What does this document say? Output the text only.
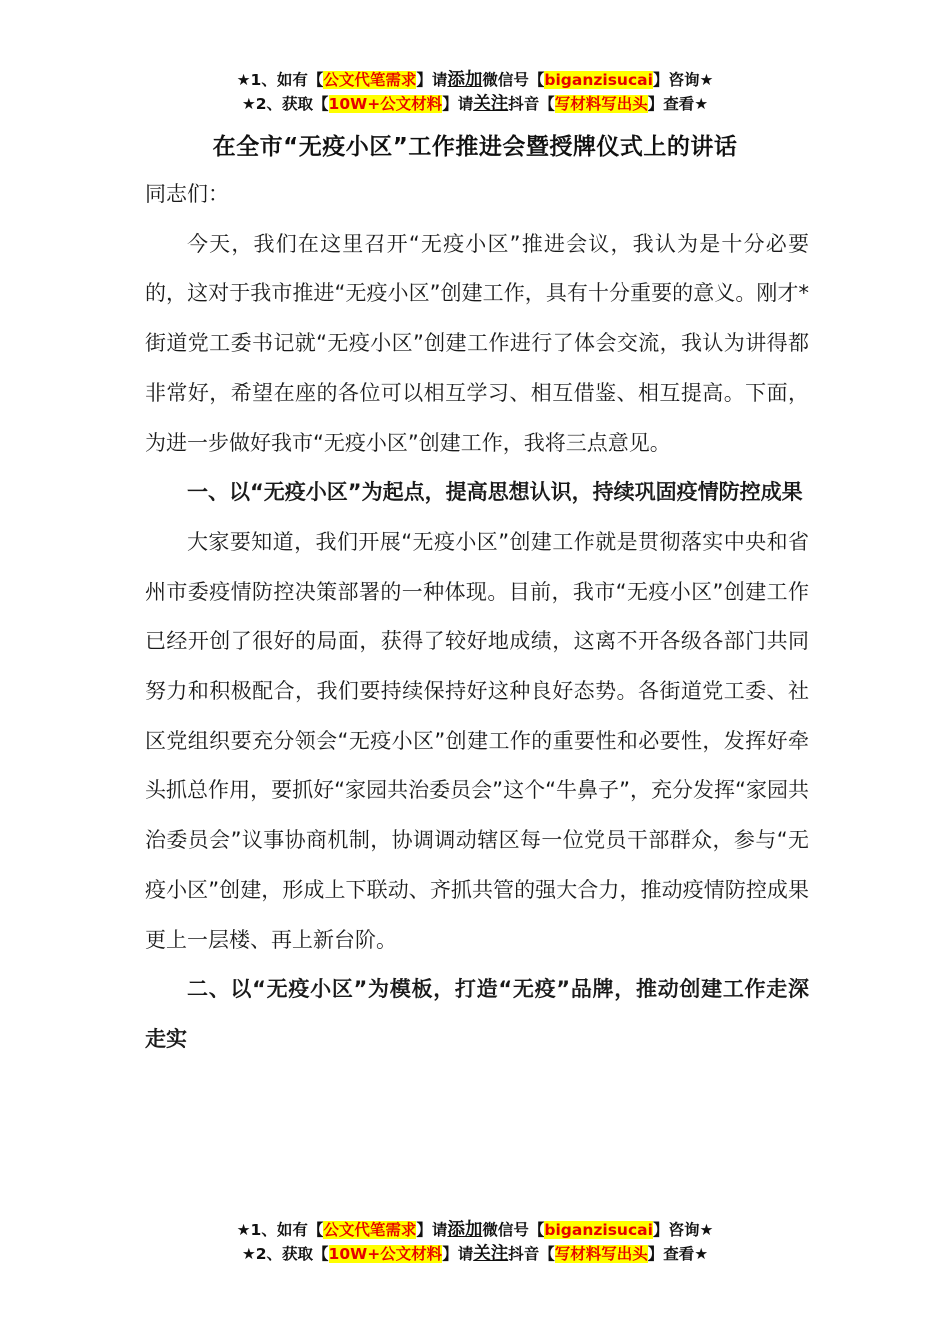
★1、如有【公文代笔需求】请添加微信号【biganzisucai】咨询★
★2、获取【10W+公文材料】请关注抖音【写材料写出头】查看★
在全市“无疫小区”工作推进会暨授牌仪式上的讲话

同志们：

今天，我们在这里召开“无疫小区”推进会议，我认为是十分必要的，这对于我市推进“无疫小区”创建工作，具有十分重要的意义。刚才*街道党工委书记就“无疫小区”创建工作进行了体会交流，我认为讲得都非常好，希望在座的各位可以相互学习、相互借鉴、相互提高。下面，为进一步做好我市“无疫小区”创建工作，我将三点意见。

一、以“无疫小区”为起点，提高思想认识，持续巩固疫情防控成果

大家要知道，我们开展“无疫小区”创建工作就是贯彻落实中央和省州市委疫情防控决策部署的一种体现。目前，我市“无疫小区”创建工作已经开创了很好的局面，获得了较好地成绩，这离不开各级各部门共同努力和积极配合，我们要持续保持好这种良好态势。各街道党工委、社区党组织要充分领会“无疫小区”创建工作的重要性和必要性，发挥好牵头抓总作用，要抓好“家园共治委员会”这个“牛鼻子”，充分发挥“家园共治委员会”议事协商机制，协调调动辖区每一位党员干部群众，参与“无疫小区”创建，形成上下联动、齐抓共管的强大合力，推动疫情防控成果更上一层楼、再上新台阶。

二、以“无疫小区”为模板，打造“无疫”品牌，推动创建工作走深走实

★1、如有【公文代笔需求】请添加微信号【biganzisucai】咨询★
★2、获取【10W+公文材料】请关注抖音【写材料写出头】查看★
